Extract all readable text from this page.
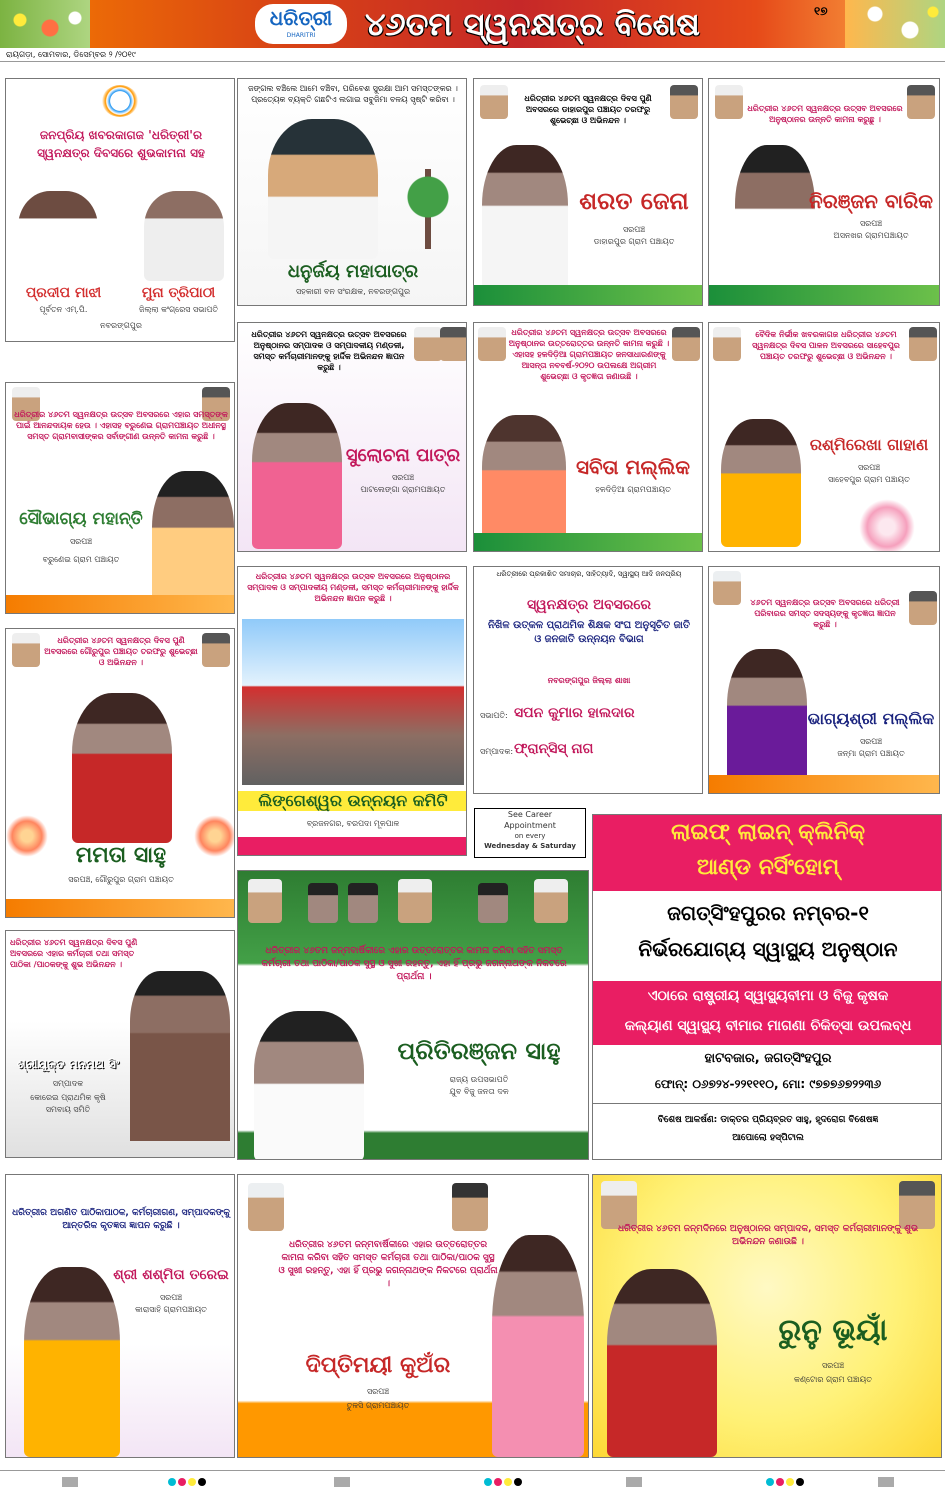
ଧରିତ୍ରୀ
DHARITRI	୪୬ତମ ସ୍ୱନକ୍ଷତ୍ର ବିଶେଷ	୧୭
ରାୟଗଡ଼ା, ସୋମବାର, ଡିସେମ୍ବର ୨ /୨୦୧୯
ଜନପ୍ରିୟ ଖବରକାଗଜ 'ଧରିତ୍ରୀ'ର
ସ୍ୱନକ୍ଷତ୍ର ଦିବସରେ ଶୁଭକାମନା ସହ
ପ୍ରଦୀପ ମାଝୀ	ମୁନା ତ୍ରିପାଠୀ
ପୂର୍ବତନ ଏମ୍.ପି.	ଜିଲ୍ଲା କଂଗ୍ରେସ ସଭାପତି
ନବରଙ୍ଗପୁର
ଜଙ୍ଗଲ ବଞ୍ଚିଲେ ଆମେ ବଞ୍ଚିବା, ପରିବେଶ ସୁରକ୍ଷା ଆମ ସମସ୍ତଙ୍କର । ପ୍ରତ୍ୟେକ ବ୍ୟକ୍ତି ଗଛଟିଏ ଲଗାଇ ସବୁଜିମା ବଳୟ ସୃଷ୍ଟି କରିବା ।
ଧନୁର୍ଜୟ ମହାପାତ୍ର
ସହକାରୀ ବନ ସଂରକ୍ଷକ, ନବରଙ୍ଗପୁର
ଧରିତ୍ରୀର ୪୬ତମ ସ୍ୱନକ୍ଷତ୍ର ଦିବସ ପୁଣି ଅବସରରେ ଡାହାରପୁର ପଞ୍ଚାୟତ ତରଫରୁ ଶୁଭେଚ୍ଛା ଓ ଅଭିନନ୍ଦନ ।
ଶରତ ଜେନା
ସରପଞ୍ଚ
ଡାହାରପୁର ଗ୍ରାମ ପଞ୍ଚାୟତ
ଧରିତ୍ରୀର ୪୬ତମ ସ୍ୱନକ୍ଷତ୍ର ଉତ୍ସବ ଅବସରରେ ଅନୁଷ୍ଠାନର ଉନ୍ନତି କାମନା କରୁଛୁ ।
ନିରଞ୍ଜନ ବାରିକ
ସରପଞ୍ଚ
ଅସନଖର ଗ୍ରାମପଞ୍ଚାୟତ
ଧରିତ୍ରୀର ୪୬ତମ ସ୍ୱନକ୍ଷତ୍ର ଉତ୍ସବ ଅବସରରେ ଅନୁଷ୍ଠାନର ସମ୍ପାଦକ ଓ ସମ୍ପାଦକୀୟ ମଣ୍ଡଳୀ, ସମସ୍ତ କର୍ମଚାରୀମାନଙ୍କୁ ହାର୍ଦ୍ଦିକ ଅଭିନନ୍ଦନ ଜ୍ଞାପନ କରୁଛି ।
ସୁଲୋଚନା ପାତ୍ର
ସରପଞ୍ଚ
ପାଟଲେଙ୍ଗା ଗ୍ରାମପଞ୍ଚାୟତ
ଧରିତ୍ରୀର ୪୬ତମ ସ୍ୱନକ୍ଷତ୍ର ଉତ୍ସବ ଅବସରରେ ଅନୁଷ୍ଠାନର ଉତ୍ତରୋତ୍ତର ଉନ୍ନତି କାମନା କରୁଛି । ଏହାସହ ହଳଦିଡ଼ିଆ ଗ୍ରାମପଞ୍ଚାୟତ ଜନସାଧାରଣଙ୍କୁ ଆସନ୍ତା ନବବର୍ଷ-୨୦୨୦ ଉପଲକ୍ଷେ ଅଗ୍ରୀମ ଶୁଭେଚ୍ଛା ଓ କୃତଜ୍ଞତା ଜଣାଉଛି ।
ସବିତା ମଲ୍ଲିକ
ହଳଦିଡ଼ିଆ ଗ୍ରାମପଞ୍ଚାୟତ
ବୈଦିକ ନିର୍ଭୀକ ଖବରକାଗଜ ଧରିତ୍ରୀର ୪୬ତମ ସ୍ୱନକ୍ଷତ୍ର ଦିବସ ପାଳନ ଅବସରରେ ସାହେବପୁର ପଞ୍ଚାୟତ ତରଫରୁ ଶୁଭେଚ୍ଛା ଓ ଅଭିନନ୍ଦନ ।
ରଶ୍ମିରେଖା ଗାହାଣ
ସରପଞ୍ଚ
ସାହେବପୁର ଗ୍ରାମ ପଞ୍ଚାୟତ
ଧରିତ୍ରୀର ୪୬ତମ ସ୍ୱନକ୍ଷତ୍ର ଉତ୍ସବ ଅବସରରେ ଏହାର ସମସ୍ତଙ୍କ ପାଇଁ ଆନନ୍ଦଦାୟକ ହେଉ । ଏହାସହ ବରୁଣେଇ ଗ୍ରାମପଞ୍ଚାୟତ ଅଧୀନସ୍ଥ ସମସ୍ତ ଗ୍ରାମବାସୀଙ୍କର ସର୍ବାଙ୍ଗୀଣ ଉନ୍ନତି କାମନା କରୁଛି ।
ସୌଭାଗ୍ୟ ମହାନ୍ତି
ସରପଞ୍ଚ
ବରୁଣେଇ ଗ୍ରାମ ପଞ୍ଚାୟତ
ଧରିତ୍ରୀର ୪୬ତମ ସ୍ୱନକ୍ଷତ୍ର ଉତ୍ସବ ଅବସରରେ ଅନୁଷ୍ଠାନର ସମ୍ପାଦକ ଓ ସମ୍ପାଦକୀୟ ମଣ୍ଡଳୀ, ସମସ୍ତ କର୍ମଚାରୀମାନଙ୍କୁ ହାର୍ଦ୍ଦିକ ଅଭିନନ୍ଦନ ଜ୍ଞାପନ କରୁଛି ।
ଲିଙ୍ଗେଶ୍ୱର ଉନ୍ନୟନ କମିଟି
ବ୍ରଜନଗର, ବରପଦା ମୂଳପାଳ
ଧରିତ୍ରୀରେ ପ୍ରକାଶିତ ସମାଚାର, ସାହିତ୍ୟାଦି, ସ୍ୱାସ୍ଥ୍ୟ ଆଦି ଜନପ୍ରିୟ
ସ୍ୱନକ୍ଷତ୍ର ଅବସରରେ
ନିଖିଳ ଉତ୍କଳ ପ୍ରାଥମିକ ଶିକ୍ଷକ ସଂଘ ଅନୁସୂଚିତ ଜାତି ଓ ଜନଜାତି ଉନ୍ନୟନ ବିଭାଗ
ନବରଙ୍ଗପୁର ଜିଲ୍ଲା ଶାଖା
ସଭାପତି: ସପନ କୁମାର ହାଲଦାର
ସମ୍ପାଦକ: ଫ୍ରାନ୍ସିସ୍ ନାଗ
୪୬ତମ ସ୍ୱନକ୍ଷତ୍ର ଉତ୍ସବ ଅବସରରେ ଧରିତ୍ରୀ ପରିବାରର ସମସ୍ତ ସଦସ୍ୟଙ୍କୁ କୃତଜ୍ଞତା ଜ୍ଞାପନ କରୁଛି ।
ଭାଗ୍ୟଶ୍ରୀ ମଲ୍ଲିକ
ସରପଞ୍ଚ
ଜନ୍ମା ଗ୍ରାମ ପଞ୍ଚାୟତ
ଧରିତ୍ରୀର ୪୬ତମ ସ୍ୱନକ୍ଷତ୍ର ଦିବସ ପୁଣି ଅବସରରେ ଗୌରୁପୁର ପଞ୍ଚାୟତ ତରଫରୁ ଶୁଭେଚ୍ଛା ଓ ଅଭିନନ୍ଦନ ।
ମମତା ସାହୁ
ସରପଞ୍ଚ, ଗୌରୁପୁର ଗ୍ରାମ ପଞ୍ଚାୟତ
See Career
Appointment
on every
Wednesday & Saturday
ଧରିତ୍ରୀର ୪୬ତମ ଜନ୍ମବାର୍ଷିକୀରେ ଏହାର ଉତ୍ତରୋତ୍ତର କାମନା କରିବା ସହିତ ସମସ୍ତ କର୍ମଚାରୀ ତଥା ପାଠିକା/ପାଠକ ସୁସ୍ଥ ଓ ସୁଖୀ ରହନ୍ତୁ, ଏହା ହିଁ ପ୍ରଭୁ ଜଗନ୍ନାଥଙ୍କ ନିକଟରେ ପ୍ରାର୍ଥନା ।
ପ୍ରିତିରଞ୍ଜନ ସାହୁ
ରାଜ୍ୟ ଉପସଭାପତି
ଯୁବ ବିଜୁ ଜନତା ଦଳ
ଲାଇଫ୍ ଲାଇନ୍ କ୍ଲିନିକ୍
ଆଣ୍ଡ ନର୍ସିଂହୋମ୍
ଜଗତ୍‌ସିଂହପୁରର ନମ୍ବର-୧
ନିର୍ଭରଯୋଗ୍ୟ ସ୍ୱାସ୍ଥ୍ୟ ଅନୁଷ୍ଠାନ
ଏଠାରେ ରାଷ୍ଟ୍ରୀୟ ସ୍ୱାସ୍ଥ୍ୟବୀମା ଓ ବିଜୁ କୃଷକ
କଲ୍ୟାଣ ସ୍ୱାସ୍ଥ୍ୟ ବୀମାର ମାଗଣା ଚିକିତ୍ସା ଉପଲବ୍ଧ
ହାଟବଜାର, ଜଗତ୍‌ସିଂହପୁର
ଫୋନ୍: ୦୬୭୨୪-୨୨୧୧୧୦, ମୋ: ୯୭୭୭୬୭୨୨୩୬
ବିଶେଷ ଆକର୍ଷଣ: ଡାକ୍ତର ପ୍ରିୟବ୍ରତ ସାହୁ, ହୃଦରୋଗ ବିଶେଷଜ୍ଞ
ଆପୋଲୋ ହସ୍ପିଟାଲ
ଧରିତ୍ରୀର ୪୬ତମ ସ୍ୱନକ୍ଷତ୍ର ଦିବସ ପୁଣି ଅବସରରେ ଏହାର କର୍ମଚାରୀ ତଥା ସମସ୍ତ ପାଠିକା /ପାଠକଙ୍କୁ ଶୁଭ ଅଭିନନ୍ଦନ ।
ଶ୍ରୀଯୁକ୍ତ ମନମଥ ସିଂ
ସମ୍ପାଦକ
କୋରେଇ ପ୍ରାଥମିକ କୃଷି
ସମବାୟ ସମିତି
ଧରିତ୍ରୀର ଅଗଣିତ ପାଠିକାପାଠକ, କର୍ମଚାରୀଗଣ, ସମ୍ପାଦକଙ୍କୁ ଆନ୍ତରିକ କୃତଜ୍ଞତା ଜ୍ଞାପନ କରୁଛି ।
ଶ୍ରୀ ଶଶ୍ମିତା ତରେଇ
ସରପଞ୍ଚ
କାରାସାହି ଗ୍ରାମପଞ୍ଚାୟତ
ଧରିତ୍ରୀର ୪୬ତମ ଜନ୍ମବାର୍ଷିକୀରେ ଏହାର ଉତ୍ତରୋତ୍ତର କାମନା କରିବା ସହିତ ସମସ୍ତ କର୍ମଚାରୀ ତଥା ପାଠିକା/ପାଠକ ସୁସ୍ଥ ଓ ସୁଖୀ ରହନ୍ତୁ, ଏହା ହିଁ ପ୍ରଭୁ ଜଗନ୍ନାଥଙ୍କ ନିକଟରେ ପ୍ରାର୍ଥନା ।
ଦିପ୍ତିମୟୀ କୁଅଁର
ସରପଞ୍ଚ
ତୁଳସି ଗ୍ରାମପଞ୍ଚାୟତ
ଧରିତ୍ରୀର ୪୬ତମ ଜନ୍ମଦିନରେ ଅନୁଷ୍ଠାନର ସମ୍ପାଦକ, ସମସ୍ତ କର୍ମଚାରୀମାନଙ୍କୁ ଶୁଭ ଅଭିନନ୍ଦନ ଜଣାଉଛି ।
ରୁନୁ ଭୂୟାଁ
ସରପଞ୍ଚ
କଣ୍ଟୋର ଗ୍ରାମ ପଞ୍ଚାୟତ
